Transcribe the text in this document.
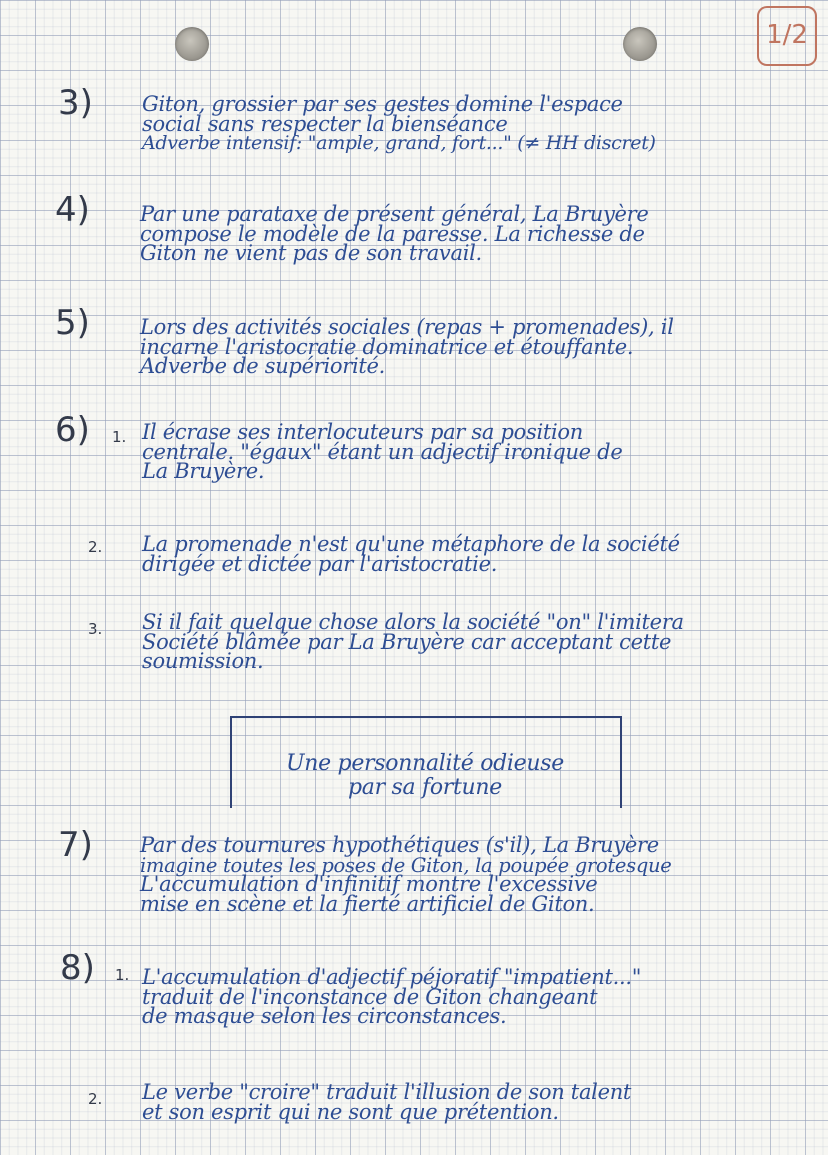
1/2
3) Giton, grossier par ses gestes domine l'espace
social sans respecter la bienséance
Adverbe intensif: "ample, grand, fort..." (≠ HH discret)
4) Par une parataxe de présent général, La Bruyère
compose le modèle de la paresse. La richesse de
Giton ne vient pas de son travail.
5) Lors des activités sociales (repas + promenades), il
incarne l'aristocratie dominatrice et étouffante.
Adverbe de supériorité.
6) 1. Il écrase ses interlocuteurs par sa position
centrale. "égaux" étant un adjectif ironique de
La Bruyère.
2. La promenade n'est qu'une métaphore de la société
dirigée et dictée par l'aristocratie.
3. Si il fait quelque chose alors la société "on" l'imitera
Société blâmée par La Bruyère car acceptant cette
soumission.
Une personnalité odieuse
par sa fortune
7) Par des tournures hypothétiques (s'il), La Bruyère
imagine toutes les poses de Giton, la poupée grotesque
L'accumulation d'infinitif montre l'excessive
mise en scène et la fierté artificiel de Giton.
8) 1. L'accumulation d'adjectif péjoratif "impatient..."
traduit de l'inconstance de Giton changeant
de masque selon les circonstances.
2. Le verbe "croire" traduit l'illusion de son talent
et son esprit qui ne sont que prétention.
